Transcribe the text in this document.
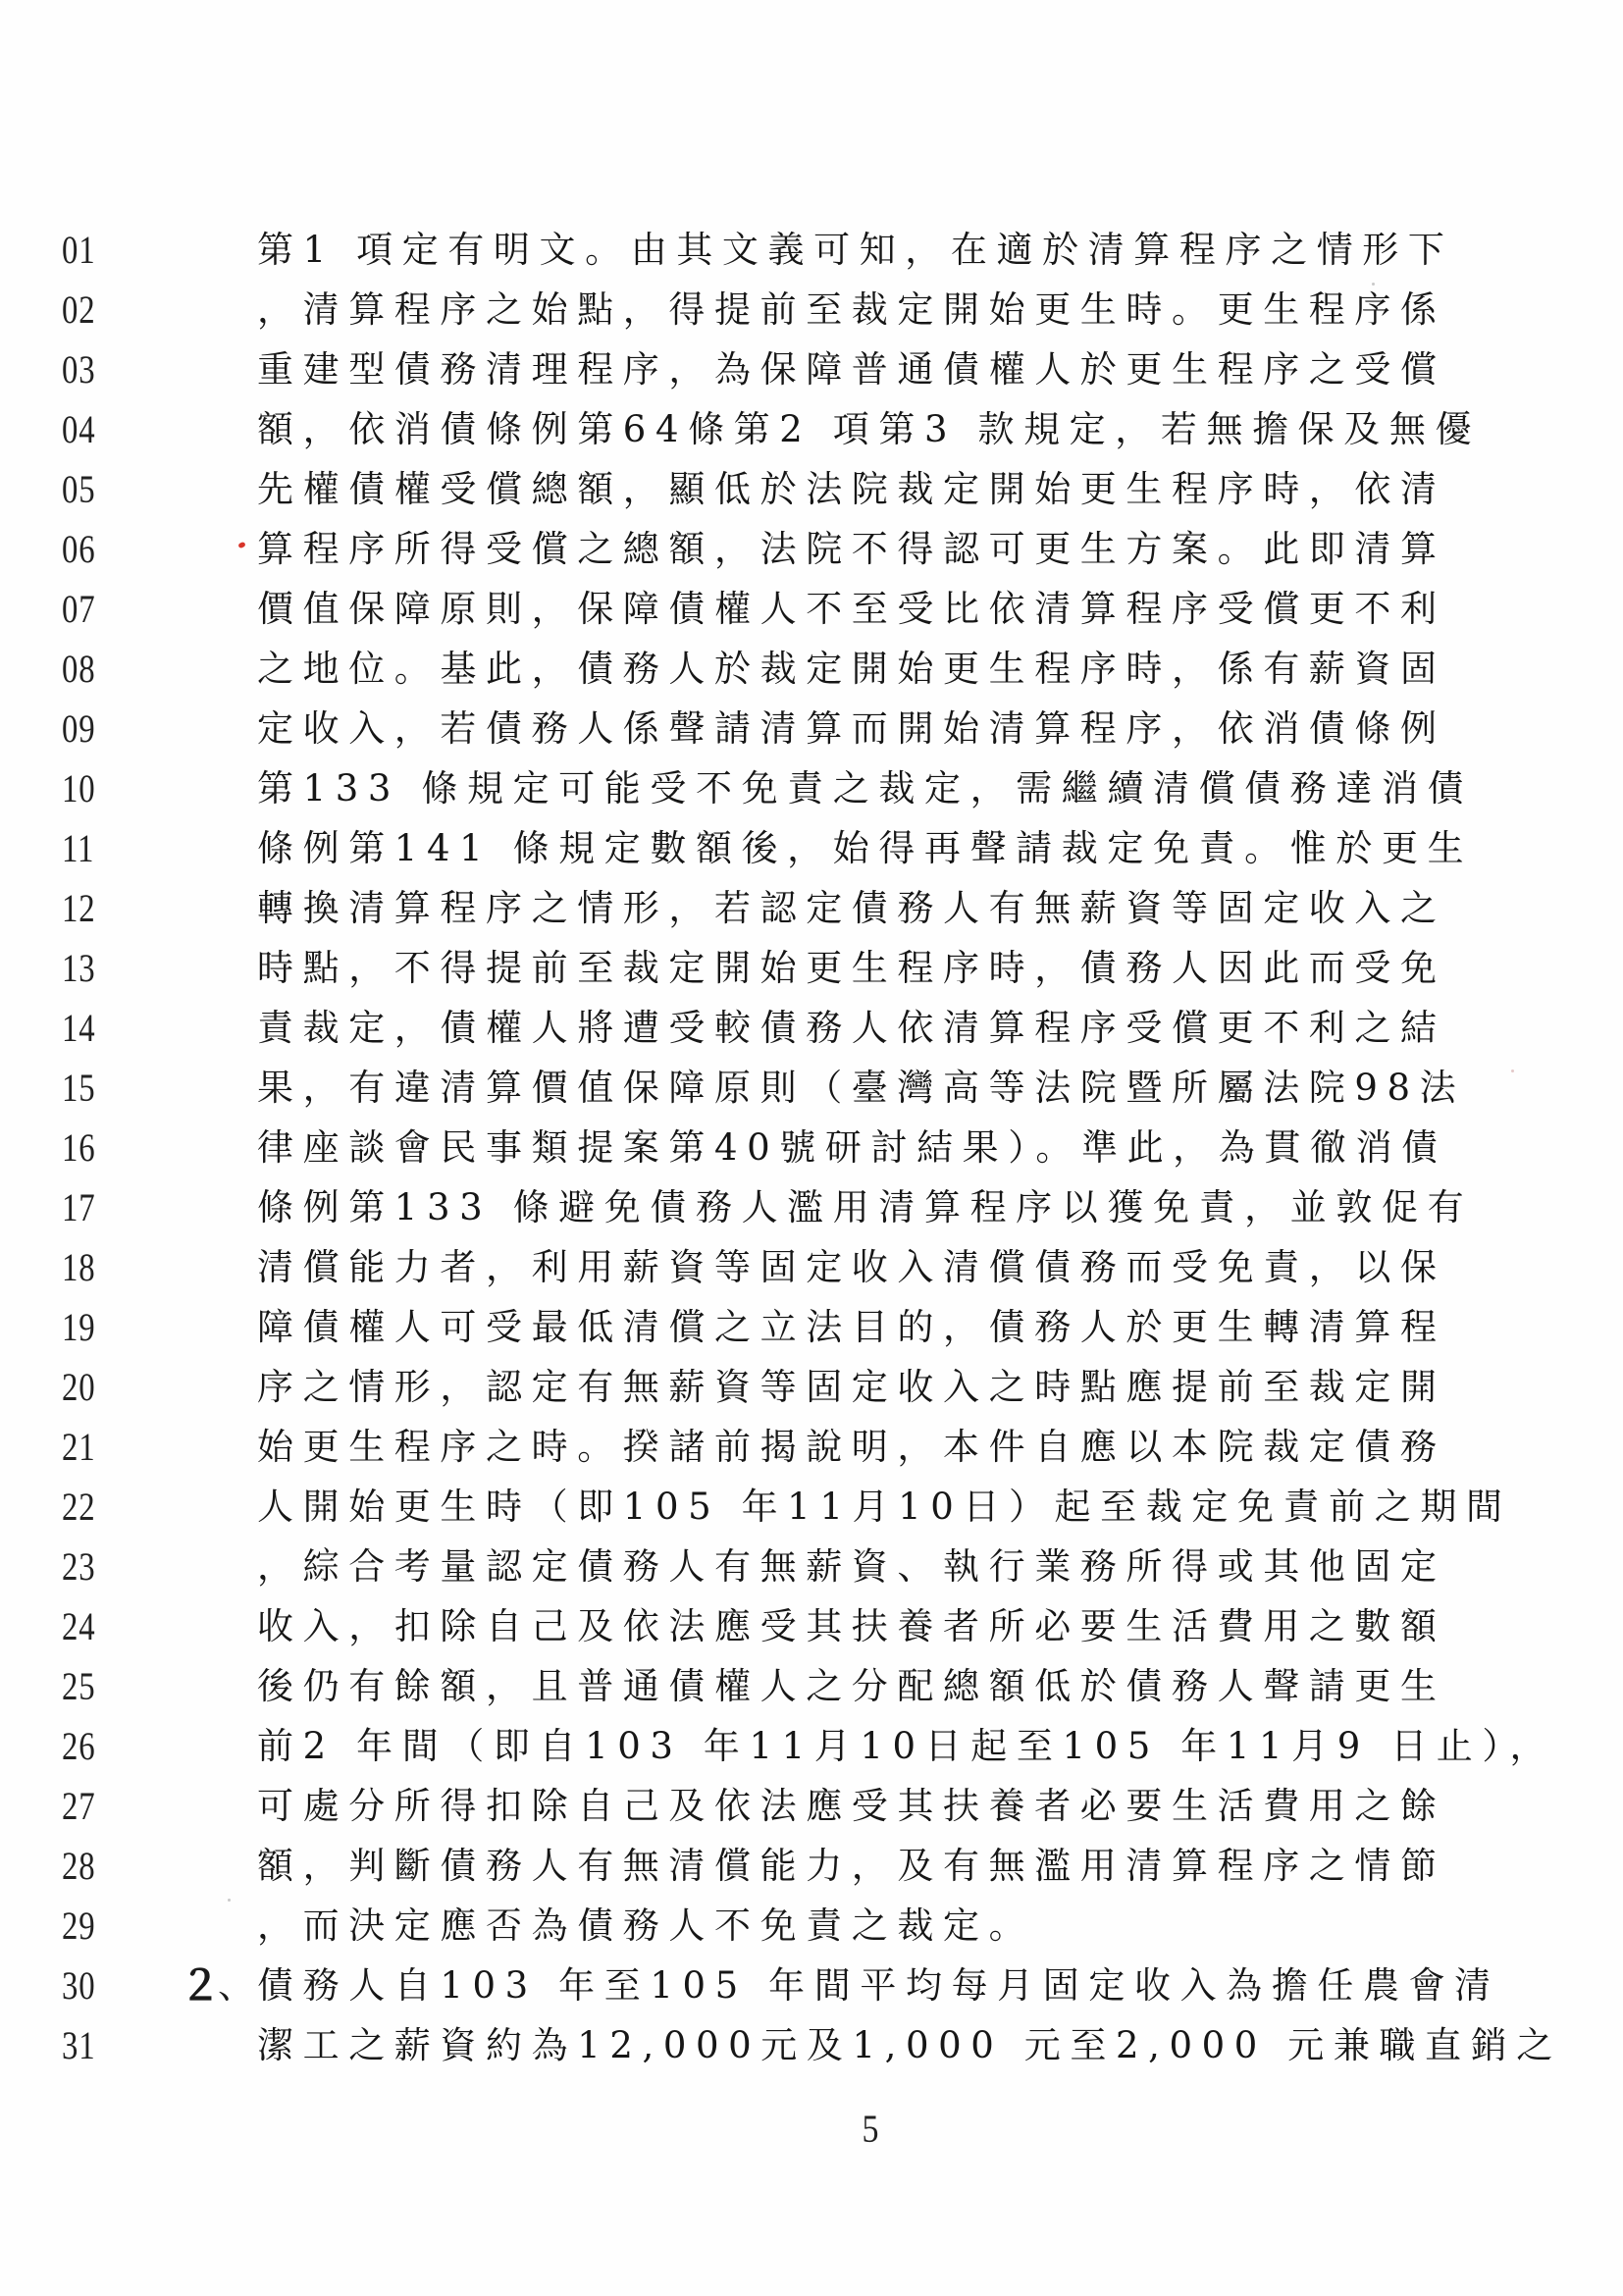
01	第1 項定有明文。由其文義可知，在適於清算程序之情形下
02	，清算程序之始點，得提前至裁定開始更生時。更生程序係
03	重建型債務清理程序，為保障普通債權人於更生程序之受償
04	額，依消債條例第64條第2 項第3 款規定，若無擔保及無優
05	先權債權受償總額，顯低於法院裁定開始更生程序時，依清
06	算程序所得受償之總額，法院不得認可更生方案。此即清算
07	價值保障原則，保障債權人不至受比依清算程序受償更不利
08	之地位。基此，債務人於裁定開始更生程序時，係有薪資固
09	定收入，若債務人係聲請清算而開始清算程序，依消債條例
10	第133 條規定可能受不免責之裁定，需繼續清償債務達消債
11	條例第141 條規定數額後，始得再聲請裁定免責。惟於更生
12	轉換清算程序之情形，若認定債務人有無薪資等固定收入之
13	時點，不得提前至裁定開始更生程序時，債務人因此而受免
14	責裁定，債權人將遭受較債務人依清算程序受償更不利之結
15	果，有違清算價值保障原則（臺灣高等法院暨所屬法院98法
16	律座談會民事類提案第40號研討結果）。準此，為貫徹消債
17	條例第133 條避免債務人濫用清算程序以獲免責，並敦促有
18	清償能力者，利用薪資等固定收入清償債務而受免責，以保
19	障債權人可受最低清償之立法目的，債務人於更生轉清算程
20	序之情形，認定有無薪資等固定收入之時點應提前至裁定開
21	始更生程序之時。揆諸前揭說明，本件自應以本院裁定債務
22	人開始更生時（即105 年11月10日）起至裁定免責前之期間
23	，綜合考量認定債務人有無薪資、執行業務所得或其他固定
24	收入，扣除自己及依法應受其扶養者所必要生活費用之數額
25	後仍有餘額，且普通債權人之分配總額低於債務人聲請更生
26	前2 年間（即自103 年11月10日起至105 年11月9 日止），
27	可處分所得扣除自己及依法應受其扶養者必要生活費用之餘
28	額，判斷債務人有無清償能力，及有無濫用清算程序之情節
29	，而決定應否為債務人不免責之裁定。
30 ２
、 債務人自103 年至105 年間平均每月固定收入為擔任農會清
31	潔工之薪資約為12,000元及1,000 元至2,000 元兼職直銷之
5
